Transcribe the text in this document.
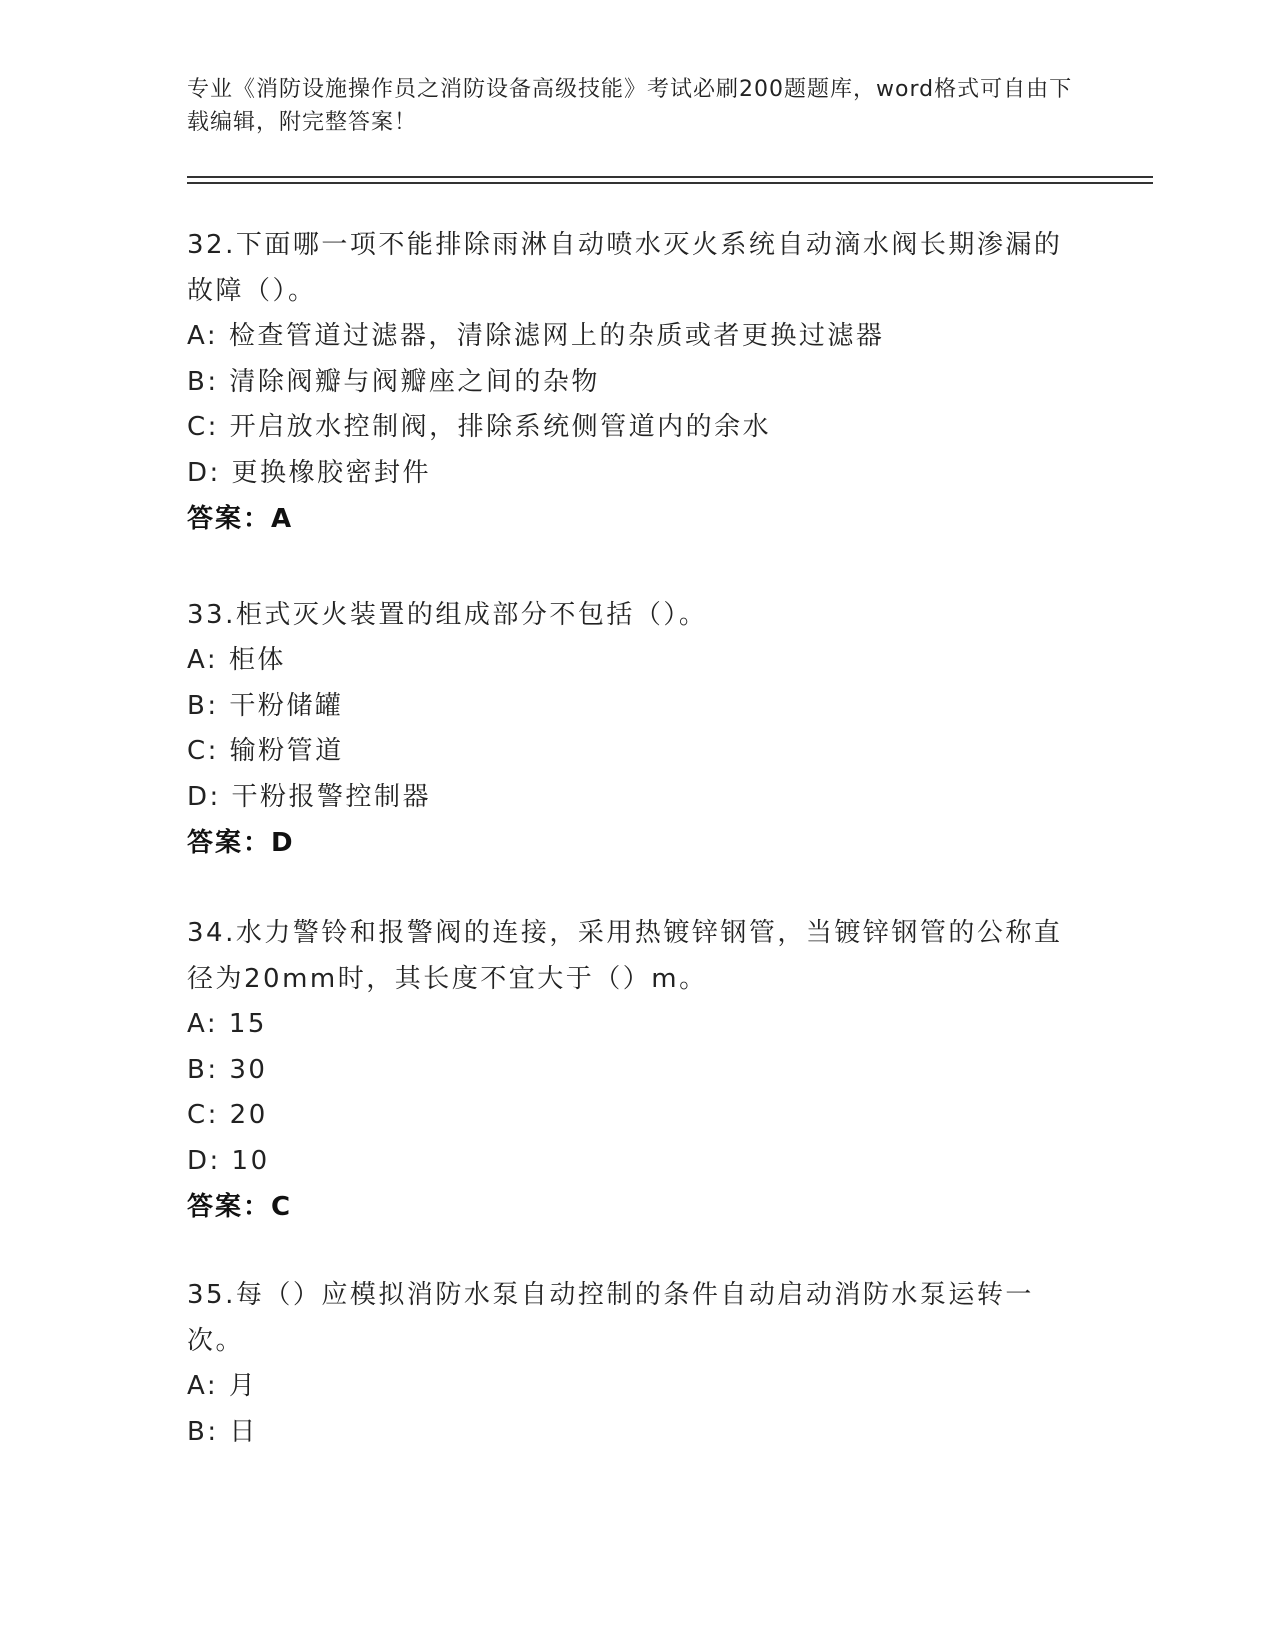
专业《消防设施操作员之消防设备高级技能》考试必刷200题题库，word格式可自由下载编辑，附完整答案！

32.下面哪一项不能排除雨淋自动喷水灭火系统自动滴水阀长期渗漏的故障（）。

A: 检查管道过滤器，清除滤网上的杂质或者更换过滤器

B: 清除阀瓣与阀瓣座之间的杂物

C: 开启放水控制阀，排除系统侧管道内的余水

D: 更换橡胶密封件

答案：A

33.柜式灭火装置的组成部分不包括（）。

A: 柜体

B: 干粉储罐

C: 输粉管道

D: 干粉报警控制器

答案：D

34.水力警铃和报警阀的连接，采用热镀锌钢管，当镀锌钢管的公称直径为20mm时，其长度不宜大于（）m。

A: 15

B: 30

C: 20

D: 10

答案：C

35.每（）应模拟消防水泵自动控制的条件自动启动消防水泵运转一次。

A: 月

B: 日
